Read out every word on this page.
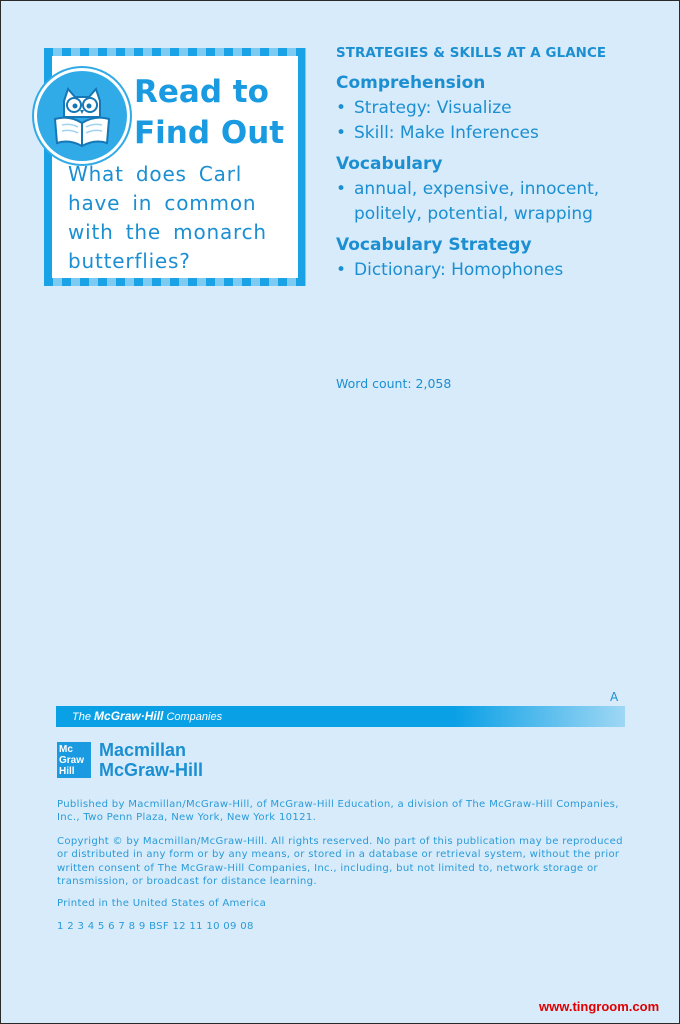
Read to
Find Out
What does Carl have in common with the monarch butterflies?
STRATEGIES & SKILLS AT A GLANCE
Comprehension
• Strategy: Visualize
• Skill: Make Inferences
Vocabulary
• annual, expensive, innocent, politely, potential, wrapping
Vocabulary Strategy
• Dictionary: Homophones
Word count: 2,058
A
The McGraw·Hill Companies
Mc
Graw
Hill
Macmillan
McGraw-Hill
Published by Macmillan/McGraw-Hill, of McGraw-Hill Education, a division of The McGraw-Hill Companies, Inc., Two Penn Plaza, New York, New York 10121.
Copyright © by Macmillan/McGraw-Hill. All rights reserved. No part of this publication may be reproduced or distributed in any form or by any means, or stored in a database or retrieval system, without the prior written consent of The McGraw-Hill Companies, Inc., including, but not limited to, network storage or transmission, or broadcast for distance learning.
Printed in the United States of America
1 2 3 4 5 6 7 8 9 BSF 12 11 10 09 08
www.tingroom.com
